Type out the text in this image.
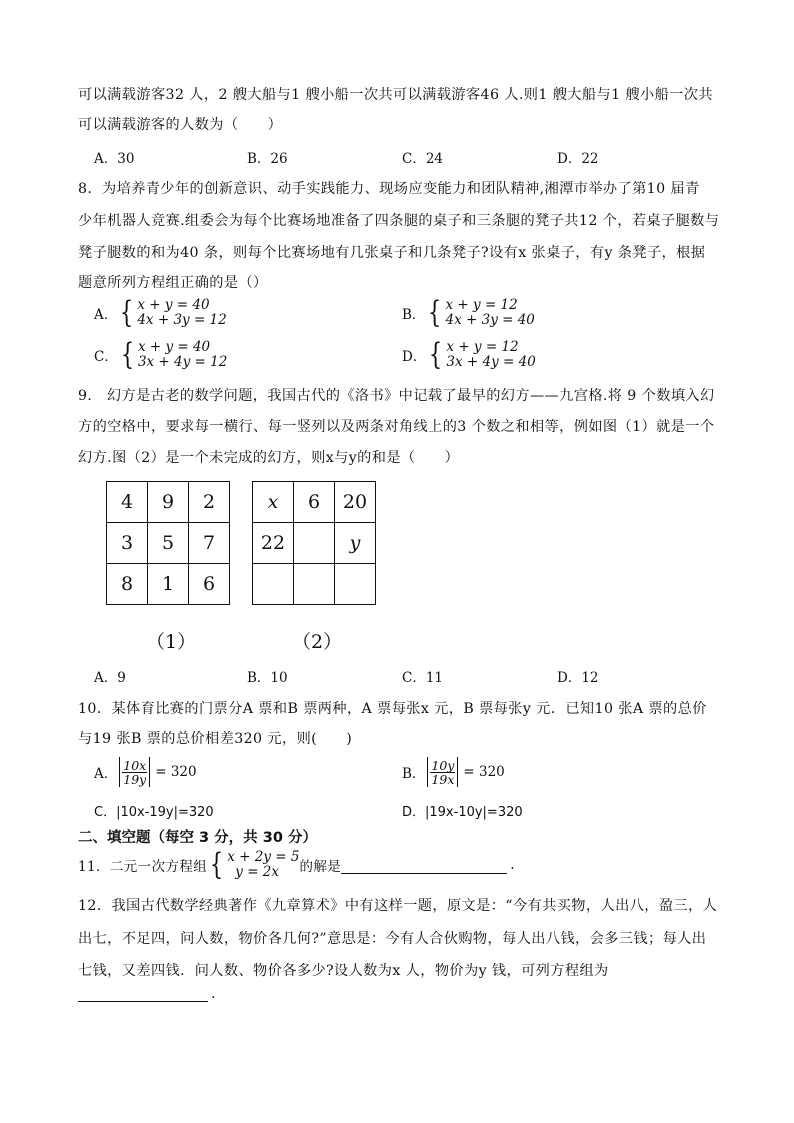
可以满载游客32 人，2 艘大船与1 艘小船一次共可以满载游客46 人.则1 艘大船与1 艘小船一次共
可以满载游客的人数为（　　）
A．30	B．26	C．24	D．22
8．为培养青少年的创新意识、动手实践能力、现场应变能力和团队精神,湘潭市举办了第10 届青
少年机器人竞赛.组委会为每个比赛场地准备了四条腿的桌子和三条腿的凳子共12 个，若桌子腿数与
凳子腿数的和为40 条，则每个比赛场地有几张桌子和几条凳子?设有x 张桌子，有y 条凳子，根据
题意所列方程组正确的是（）
A． { x + y = 40
4x + 3y = 12	B． { x + y = 12
4x + 3y = 40
C． { x + y = 40
3x + 4y = 12	D． { x + y = 12
3x + 4y = 40
9． 幻方是古老的数学问题，我国古代的《洛书》中记载了最早的幻方——九宫格.将 9 个数填入幻
方的空格中，要求每一横行、每一竖列以及两条对角线上的3 个数之和相等，例如图（1）就是一个
幻方.图（2）是一个未完成的幻方，则x与y的和是（　　）
4	9	2
3	5	7
8	1	6
x	6	20
22		y

（1）	（2）
A．9	B．10	C．11	D．12
10．某体育比赛的门票分A 票和B 票两种，A 票每张x 元，B 票每张y 元．已知10 张A 票的总价
与19 张B 票的总价相差320 元，则(　　)
A． $\frac{10x}{19y} = 320$	B． $\frac{10y}{19x} = 320$
C．|10x-19y|=320	D．|19x-10y|=320
二、填空题（每空 3 分，共 30 分）
11．二元一次方程组 { x + 2y = 5
y = 2x	的解是	.
12．我国古代数学经典著作《九章算术》中有这样一题，原文是：“今有共买物，人出八，盈三，人
出七，不足四，问人数，物价各几何?”意思是：今有人合伙购物，每人出八钱，会多三钱；每人出
七钱，又差四钱．问人数、物价各多少?设人数为x 人，物价为y 钱，可列方程组为
.
